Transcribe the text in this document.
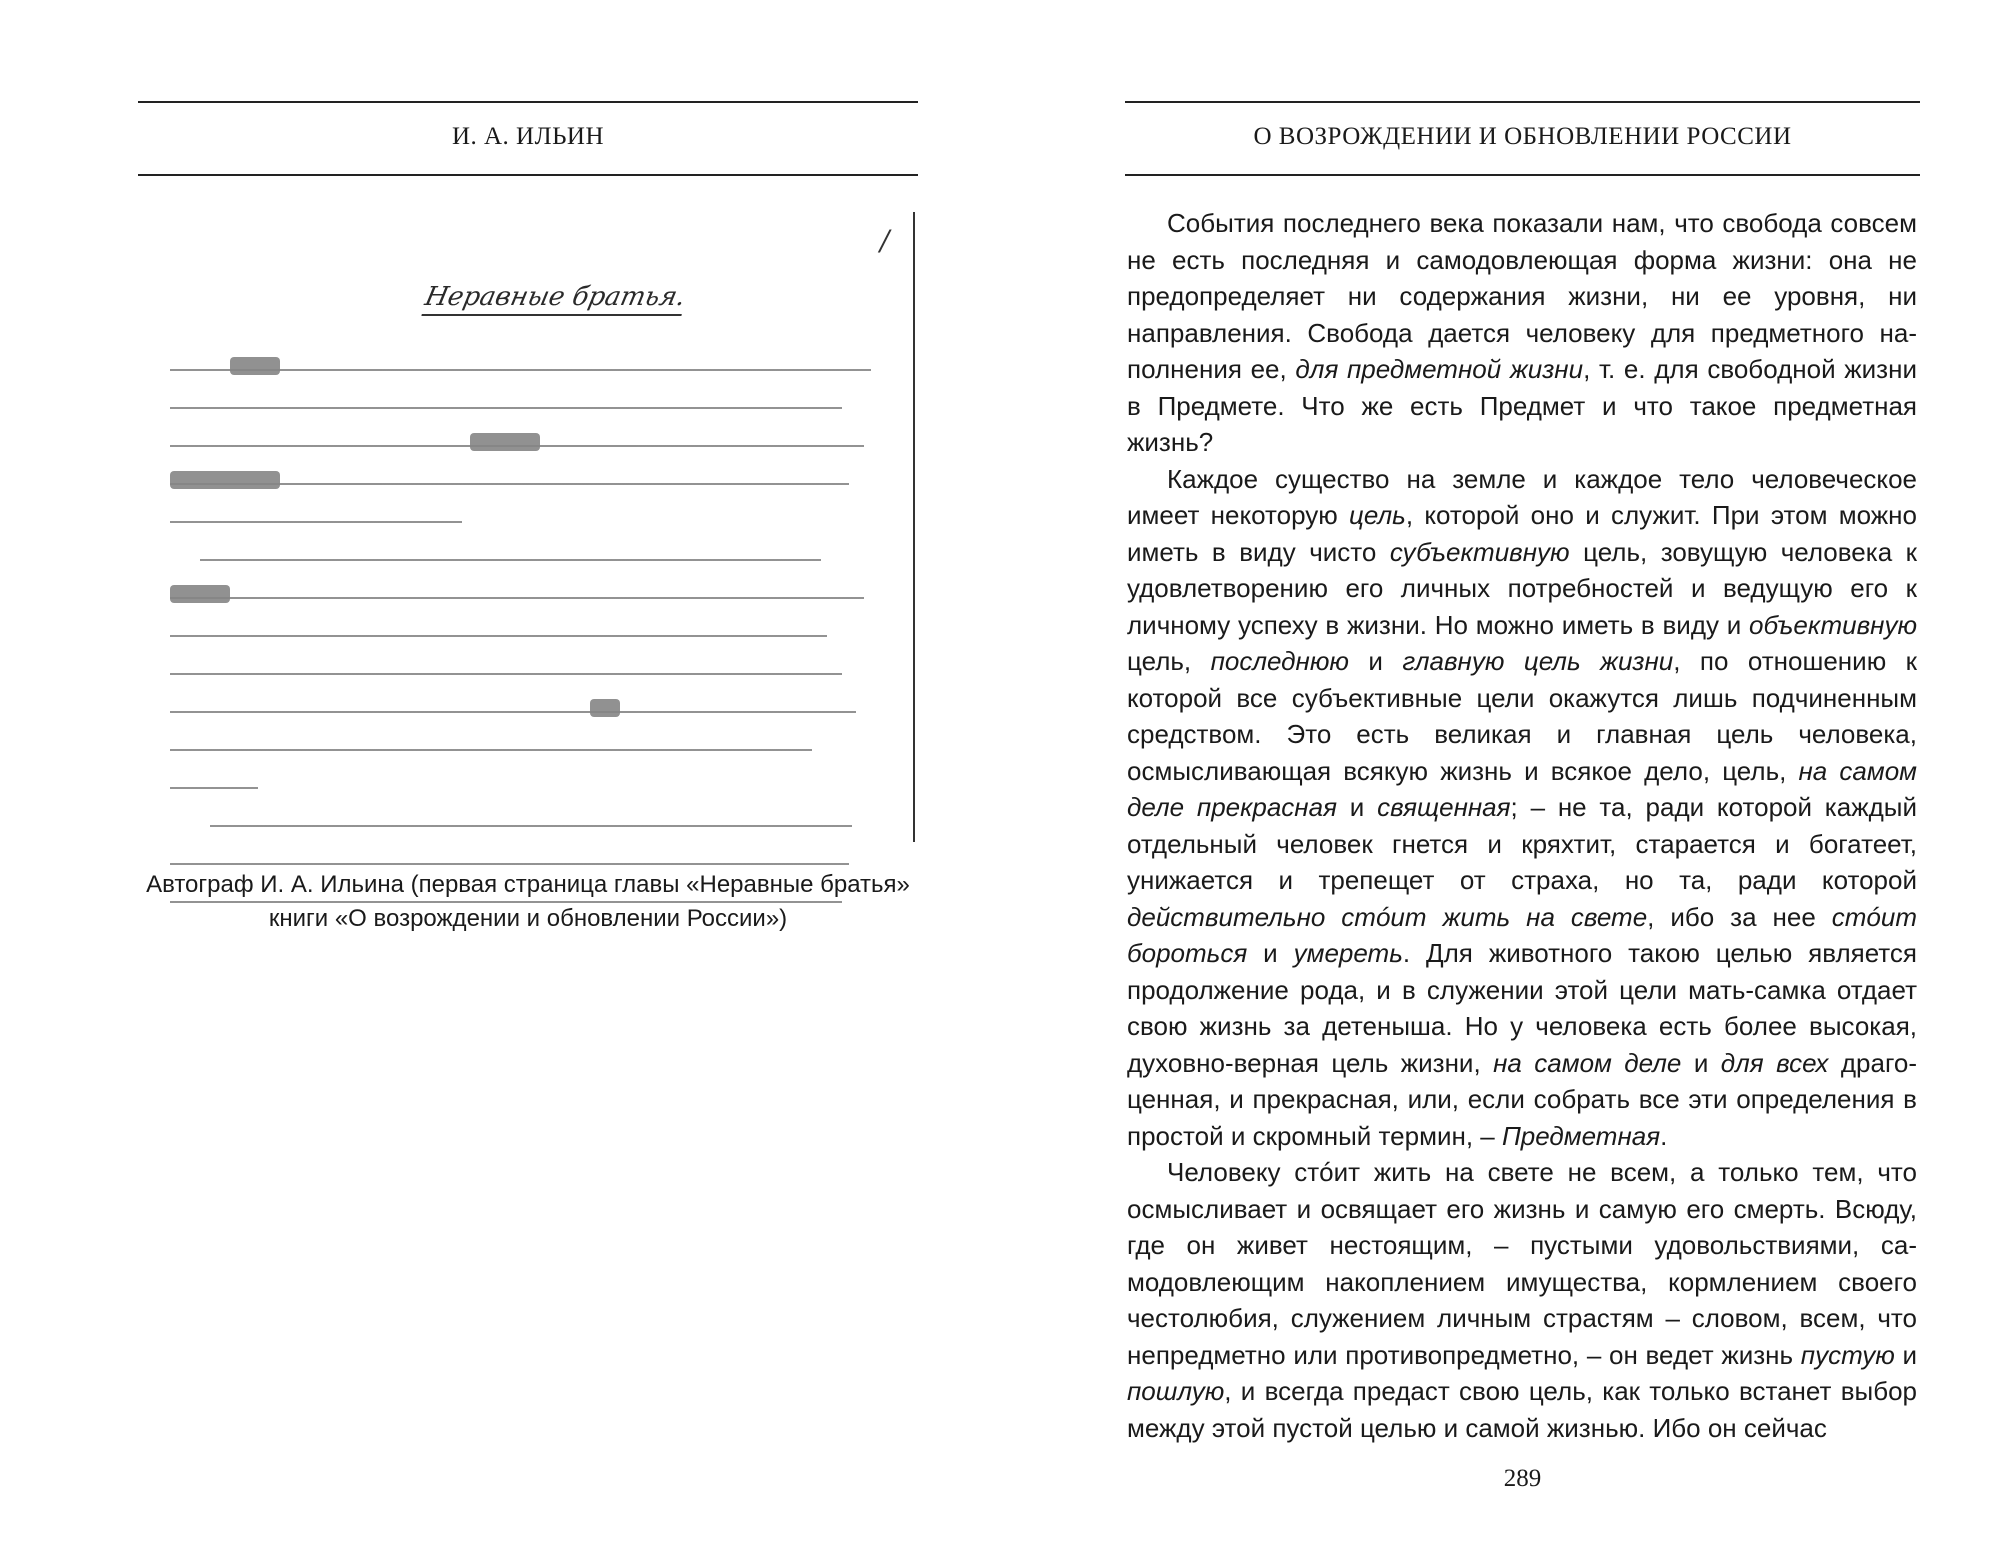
И. А. ИЛЬИН
/
Неравные братья.
Автограф И. А. Ильина (первая страница главы «Неравные братья»
книги «О возрождении и обновлении России»)
О ВОЗРОЖДЕНИИ И ОБНОВЛЕНИИ РОССИИ

События последнего века показали нам, что свобода совсем не есть последняя и самодовлеющая форма жизни: она не предопределяет ни содержания жизни, ни ее уровня, ни направления. Свобода дается человеку для предметного наполнения ее, для предметной жизни, т. е. для свободной жизни в Предмете. Что же есть Предмет и что такое предметная жизнь?

Каждое существо на земле и каждое тело человеческое имеет некоторую цель, которой оно и служит. При этом можно иметь в виду чисто субъективную цель, зовущую человека к удовлетворению его личных потребностей и ведущую его к личному успеху в жизни. Но можно иметь в виду и объективную цель, последнюю и главную цель жизни, по отношению к которой все субъективные цели окажутся лишь подчиненным средством. Это есть великая и главная цель человека, осмысливающая всякую жизнь и всякое дело, цель, на самом деле прекрасная и священная; – не та, ради которой каждый отдельный человек гнется и кряхтит, старается и богатеет, унижается и трепещет от страха, но та, ради которой действительно стóит жить на свете, ибо за нее стóит бороться и умереть. Для животного такою целью является продолжение рода, и в служении этой цели мать-самка отдает свою жизнь за детеныша. Но у человека есть более высокая, духовно-верная цель жизни, на самом деле и для всех драгоценная, и прекрасная, или, если собрать все эти определения в простой и скромный термин, – Предметная.

Человеку стóит жить на свете не всем, а только тем, что осмысливает и освящает его жизнь и самую его смерть. Всюду, где он живет нестоящим, – пустыми удовольствиями, самодовлеющим накоплением имущества, кормлением своего честолюбия, служением личным страстям – словом, всем, что непредметно или противопредметно, – он ведет жизнь пустую и пошлую, и всегда предаст свою цель, как только встанет выбор между этой пустой целью и самой жизнью. Ибо он сейчас

289
